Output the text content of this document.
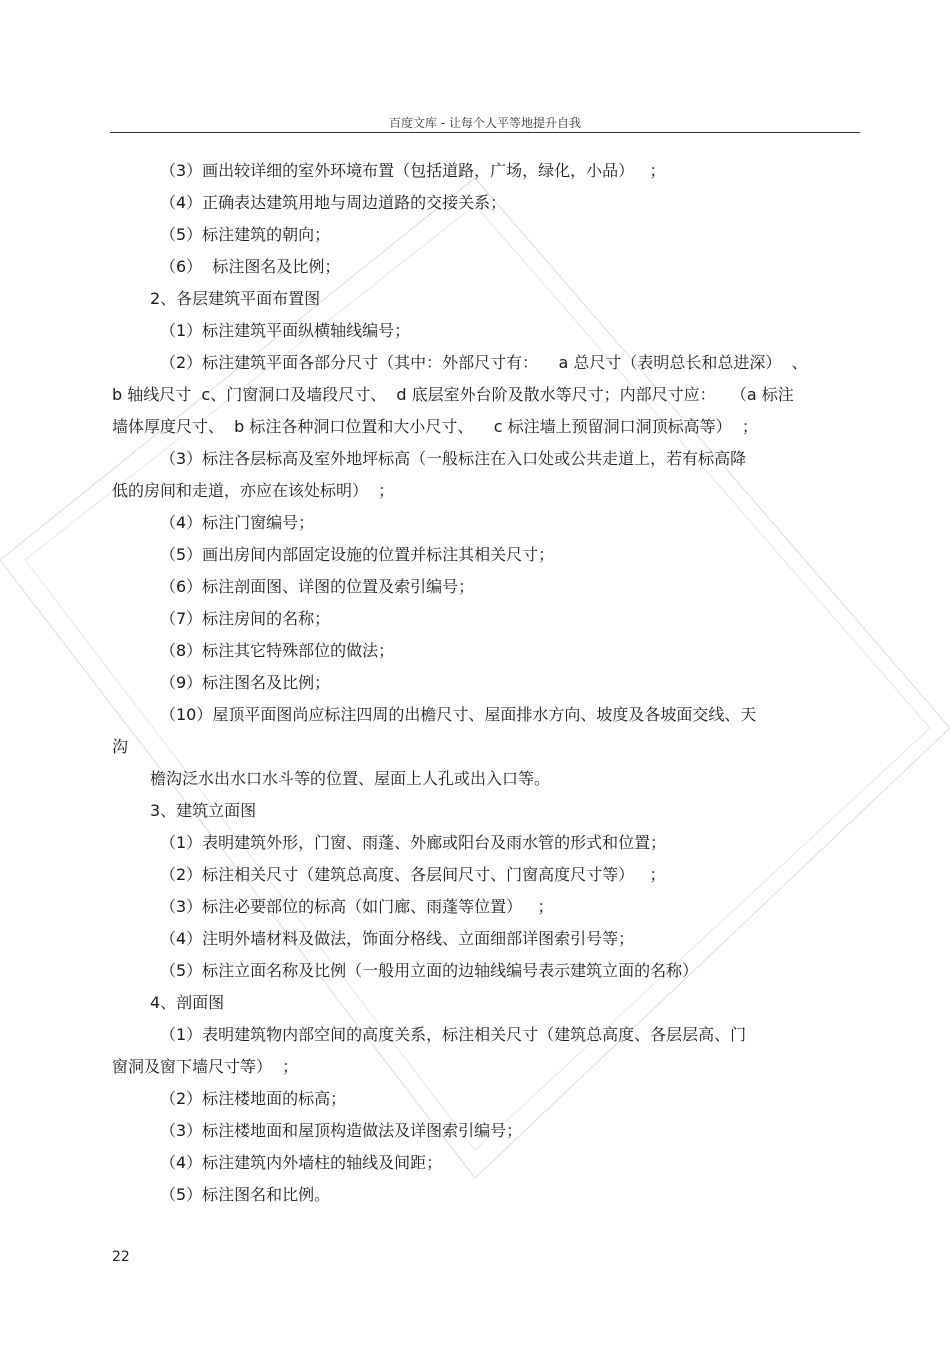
百度文库 - 让每个人平等地提升自我

（3）画出较详细的室外环境布置（包括道路，广场，绿化，小品）   ；

（4）正确表达建筑用地与周边道路的交接关系；

（5）标注建筑的朝向；

（6）  标注图名及比例；

2、各层建筑平面布置图

（1）标注建筑平面纵横轴线编号；

（2）标注建筑平面各部分尺寸（其中：外部尺寸有：    a 总尺寸（表明总长和总进深）  、

b 轴线尺寸  c、门窗洞口及墙段尺寸、  d 底层室外台阶及散水等尺寸；内部尺寸应：   （a 标注

墙体厚度尺寸、  b 标注各种洞口位置和大小尺寸、    c 标注墙上预留洞口洞顶标高等）  ；

（3）标注各层标高及室外地坪标高（一般标注在入口处或公共走道上，若有标高降

低的房间和走道，亦应在该处标明）  ；

（4）标注门窗编号；

（5）画出房间内部固定设施的位置并标注其相关尺寸；

（6）标注剖面图、详图的位置及索引编号；

（7）标注房间的名称；

（8）标注其它特殊部位的做法；

（9）标注图名及比例；

（10）屋顶平面图尚应标注四周的出檐尺寸、屋面排水方向、坡度及各坡面交线、天

沟

檐沟泛水出水口水斗等的位置、屋面上人孔或出入口等。

3、建筑立面图

（1）表明建筑外形，门窗、雨蓬、外廊或阳台及雨水管的形式和位置；

（2）标注相关尺寸（建筑总高度、各层间尺寸、门窗高度尺寸等）   ；

（3）标注必要部位的标高（如门廊、雨蓬等位置）   ；

（4）注明外墙材料及做法，饰面分格线、立面细部详图索引号等；

（5）标注立面名称及比例（一般用立面的边轴线编号表示建筑立面的名称）

4、剖面图

（1）表明建筑物内部空间的高度关系，标注相关尺寸（建筑总高度、各层层高、门

窗洞及窗下墙尺寸等）  ；

（2）标注楼地面的标高；

（3）标注楼地面和屋顶构造做法及详图索引编号；

（4）标注建筑内外墙柱的轴线及间距；

（5）标注图名和比例。

22
